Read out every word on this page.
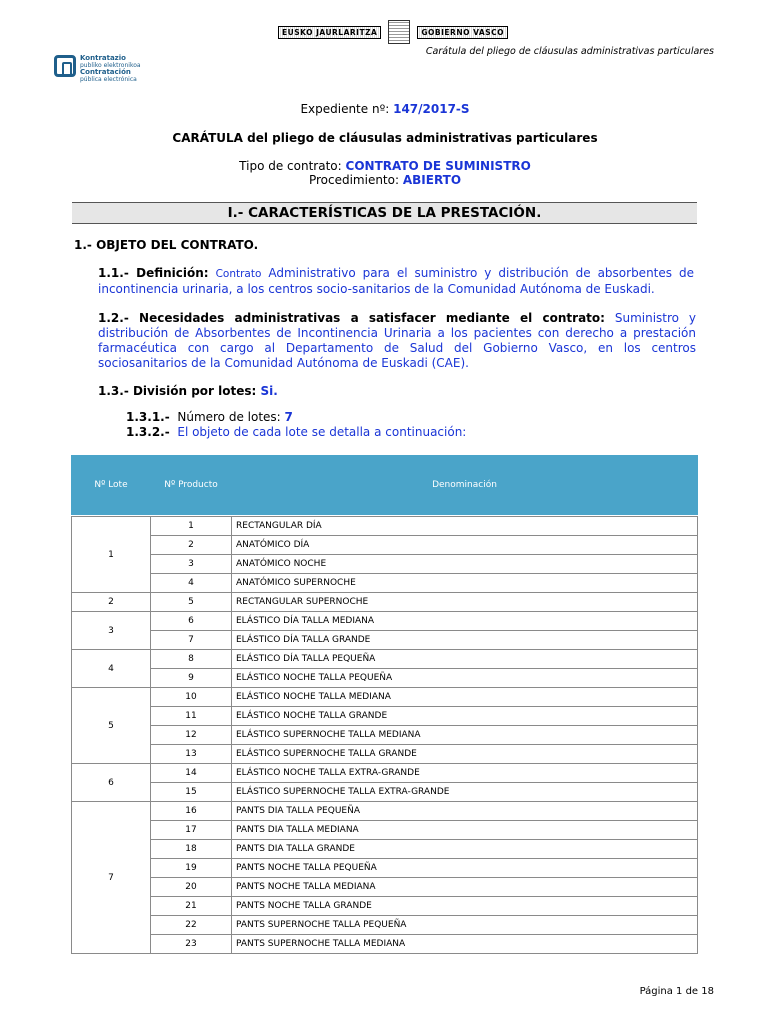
EUSKO JAURLARITZA	GOBIERNO VASCO
Carátula del pliego de cláusulas administrativas particulares
Kontratazio
publiko elektronikoa
Contratación
pública electrónica
Expediente nº: 147/2017-S
CARÁTULA del pliego de cláusulas administrativas particulares
Tipo de contrato: CONTRATO DE SUMINISTRO
Procedimiento: ABIERTO
I.- CARACTERÍSTICAS DE LA PRESTACIÓN.
1.- OBJETO DEL CONTRATO.
1.1.- Definición: Contrato Administrativo para el suministro y distribución de absorbentes de incontinencia urinaria, a los centros socio-sanitarios de la Comunidad Autónoma de Euskadi.
1.2.- Necesidades administrativas a satisfacer mediante el contrato: Suministro y distribución de Absorbentes de Incontinencia Urinaria a los pacientes con derecho a prestación farmacéutica con cargo al Departamento de Salud del Gobierno Vasco, en los centros sociosanitarios de la Comunidad Autónoma de Euskadi (CAE).
1.3.- División por lotes: Si.
1.3.1.- Número de lotes: 7
1.3.2.- El objeto de cada lote se detalla a continuación:
Nº Lote	Nº Producto	Denominación

1	1	RECTANGULAR DÍA
	2	ANATÓMICO DÍA
	3	ANATÓMICO NOCHE
	4	ANATÓMICO SUPERNOCHE
2	5	RECTANGULAR SUPERNOCHE
3	6	ELÁSTICO DÍA TALLA MEDIANA
	7	ELÁSTICO DÍA TALLA GRANDE
4	8	ELÁSTICO DÍA TALLA PEQUEÑA
	9	ELÁSTICO NOCHE TALLA PEQUEÑA
5	10	ELÁSTICO NOCHE TALLA MEDIANA
	11	ELÁSTICO NOCHE TALLA GRANDE
	12	ELÁSTICO SUPERNOCHE TALLA MEDIANA
	13	ELÁSTICO SUPERNOCHE TALLA GRANDE
6	14	ELÁSTICO NOCHE TALLA EXTRA-GRANDE
	15	ELÁSTICO SUPERNOCHE TALLA EXTRA-GRANDE
7	16	PANTS DIA TALLA PEQUEÑA
	17	PANTS DIA TALLA MEDIANA
	18	PANTS DIA TALLA GRANDE
	19	PANTS NOCHE TALLA PEQUEÑA
	20	PANTS NOCHE TALLA MEDIANA
	21	PANTS NOCHE TALLA GRANDE
	22	PANTS SUPERNOCHE TALLA PEQUEÑA
	23	PANTS SUPERNOCHE TALLA MEDIANA
Página 1 de 18
